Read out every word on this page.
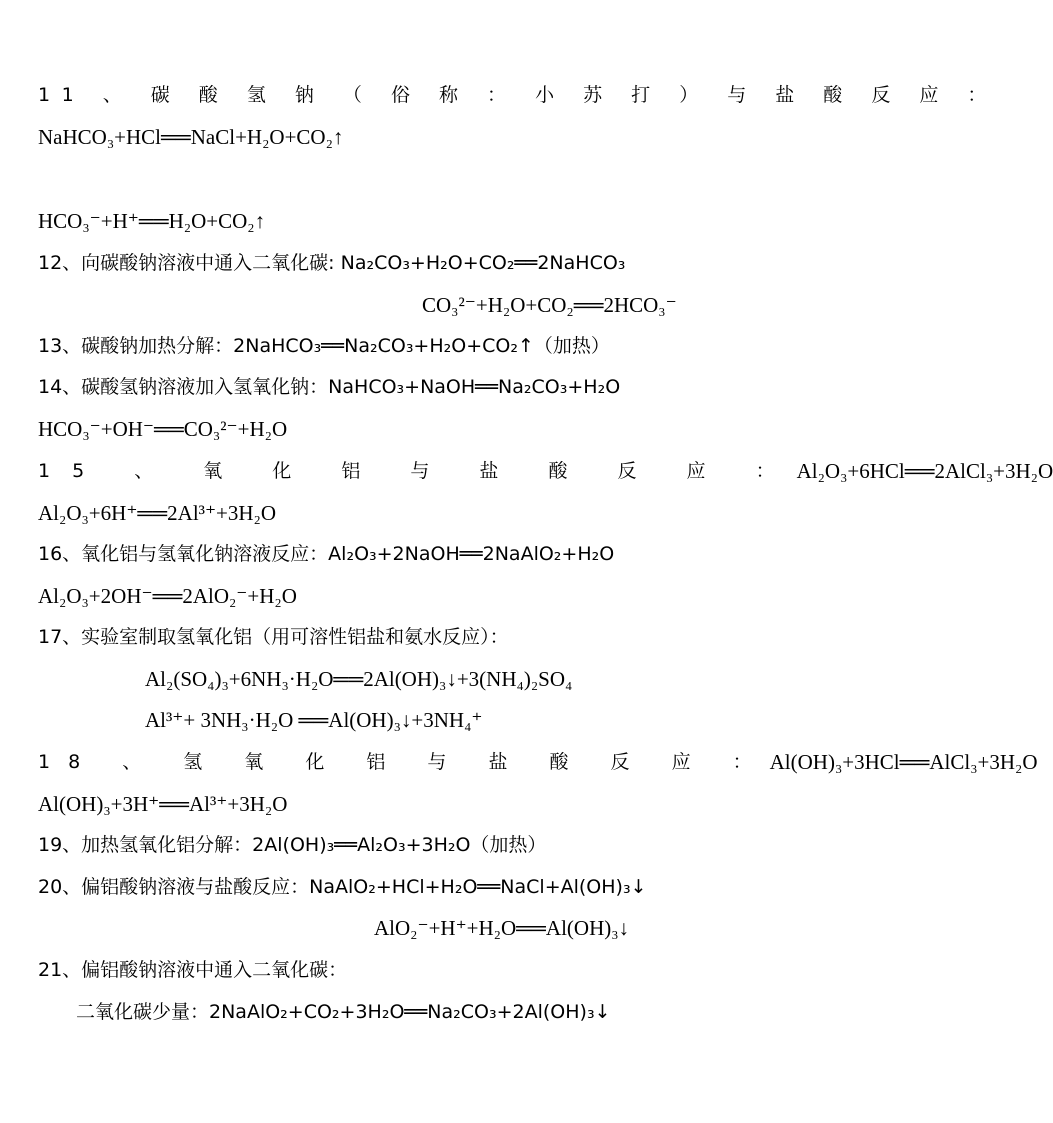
11 、 碳 酸 氢 钠 （ 俗 称 ： 小 苏 打 ） 与 盐 酸 反 应 ：
NaHCO₃+HCl══NaCl+H₂O+CO₂↑
HCO₃⁻+H⁺══H₂O+CO₂↑
12、向碳酸钠溶液中通入二氧化碳: Na₂CO₃+H₂O+CO₂══2NaHCO₃
CO₃²⁻+H₂O+CO₂══2HCO₃⁻
13、碳酸钠加热分解：2NaHCO₃══Na₂CO₃+H₂O+CO₂↑（加热）
14、碳酸氢钠溶液加入氢氧化钠：NaHCO₃+NaOH══Na₂CO₃+H₂O
HCO₃⁻+OH⁻══CO₃²⁻+H₂O
15 、 氧 化 铝 与 盐 酸 反 应 ： Al₂O₃+6HCl══2AlCl₃+3H₂O
Al₂O₃+6H⁺══2Al³⁺+3H₂O
16、氧化铝与氢氧化钠溶液反应：Al₂O₃+2NaOH══2NaAlO₂+H₂O
Al₂O₃+2OH⁻══2AlO₂⁻+H₂O
17、实验室制取氢氧化铝（用可溶性铝盐和氨水反应）：
Al₂(SO₄)₃+6NH₃·H₂O══2Al(OH)₃↓+3(NH₄)₂SO₄
Al³⁺+ 3NH₃·H₂O ══Al(OH)₃↓+3NH₄⁺
18 、 氢 氧 化 铝 与 盐 酸 反 应 ： Al(OH)₃+3HCl══AlCl₃+3H₂O
Al(OH)₃+3H⁺══Al³⁺+3H₂O
19、加热氢氧化铝分解：2Al(OH)₃══Al₂O₃+3H₂O（加热）
20、偏铝酸钠溶液与盐酸反应：NaAlO₂+HCl+H₂O══NaCl+Al(OH)₃↓
AlO₂⁻+H⁺+H₂O══Al(OH)₃↓
21、偏铝酸钠溶液中通入二氧化碳：
二氧化碳少量：2NaAlO₂+CO₂+3H₂O══Na₂CO₃+2Al(OH)₃↓
